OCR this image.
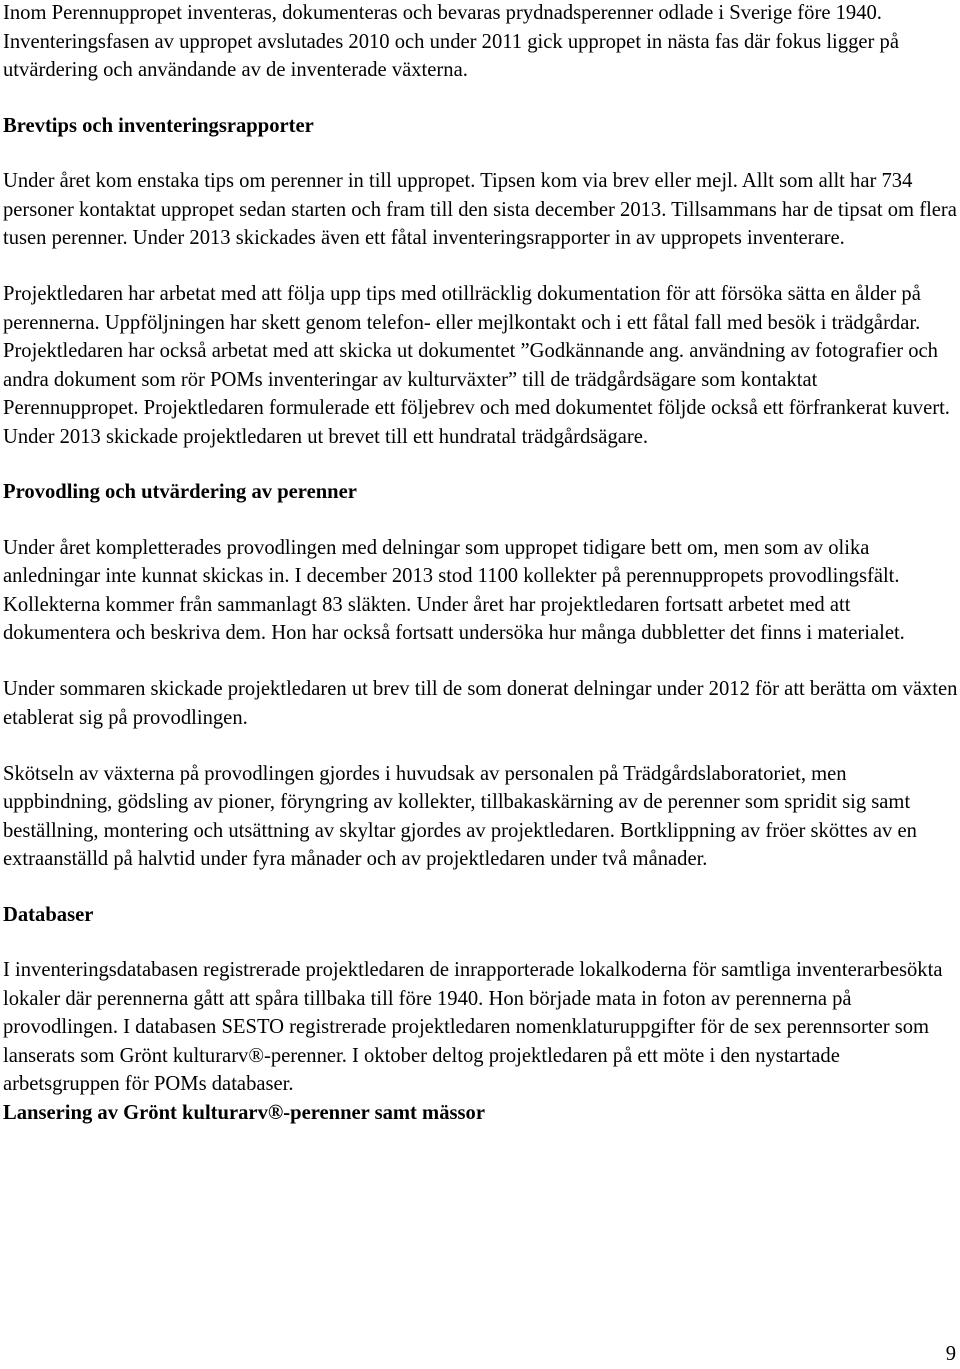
Inom Perennuppropet inventeras, dokumenteras och bevaras prydnadsperenner odlade i Sverige före 1940. Inventeringsfasen av uppropet avslutades 2010 och under 2011 gick uppropet in nästa fas där fokus ligger på utvärdering och användande av de inventerade växterna.

Brevtips och inventeringsrapporter

Under året kom enstaka tips om perenner in till uppropet. Tipsen kom via brev eller mejl. Allt som allt har 734 personer kontaktat uppropet sedan starten och fram till den sista december 2013. Tillsammans har de tipsat om flera tusen perenner. Under 2013 skickades även ett fåtal inventeringsrapporter in av uppropets inventerare.

Projektledaren har arbetat med att följa upp tips med otillräcklig dokumentation för att försöka sätta en ålder på perennerna. Uppföljningen har skett genom telefon- eller mejlkontakt och i ett fåtal fall med besök i trädgårdar. Projektledaren har också arbetat med att skicka ut dokumentet ”Godkännande ang. användning av fotografier och andra dokument som rör POMs inventeringar av kulturväxter” till de trädgårdsägare som kontaktat Perennuppropet. Projektledaren formulerade ett följebrev och med dokumentet följde också ett förfrankerat kuvert. Under 2013 skickade projektledaren ut brevet till ett hundratal trädgårdsägare.

Provodling och utvärdering av perenner

Under året kompletterades provodlingen med delningar som uppropet tidigare bett om, men som av olika anledningar inte kunnat skickas in. I december 2013 stod 1100 kollekter på perennuppropets provodlingsfält. Kollekterna kommer från sammanlagt 83 släkten. Under året har projektledaren fortsatt arbetet med att dokumentera och beskriva dem. Hon har också fortsatt undersöka hur många dubbletter det finns i materialet.

Under sommaren skickade projektledaren ut brev till de som donerat delningar under 2012 för att berätta om växten etablerat sig på provodlingen.

Skötseln av växterna på provodlingen gjordes i huvudsak av personalen på Trädgårdslaboratoriet, men uppbindning, gödsling av pioner, föryngring av kollekter, tillbakaskärning av de perenner som spridit sig samt beställning, montering och utsättning av skyltar gjordes av projektledaren. Bortklippning av fröer sköttes av en extraanställd på halvtid under fyra månader och av projektledaren under två månader.

Databaser

I inventeringsdatabasen registrerade projektledaren de inrapporterade lokalkoderna för samtliga inventerarbesökta lokaler där perennerna gått att spåra tillbaka till före 1940. Hon började mata in foton av perennerna på provodlingen. I databasen SESTO registrerade projektledaren nomenklaturuppgifter för de sex perennsorter som lanserats som Grönt kulturarv®-perenner. I oktober deltog projektledaren på ett möte i den nystartade arbetsgruppen för POMs databaser.

Lansering av Grönt kulturarv®-perenner samt mässor
9
